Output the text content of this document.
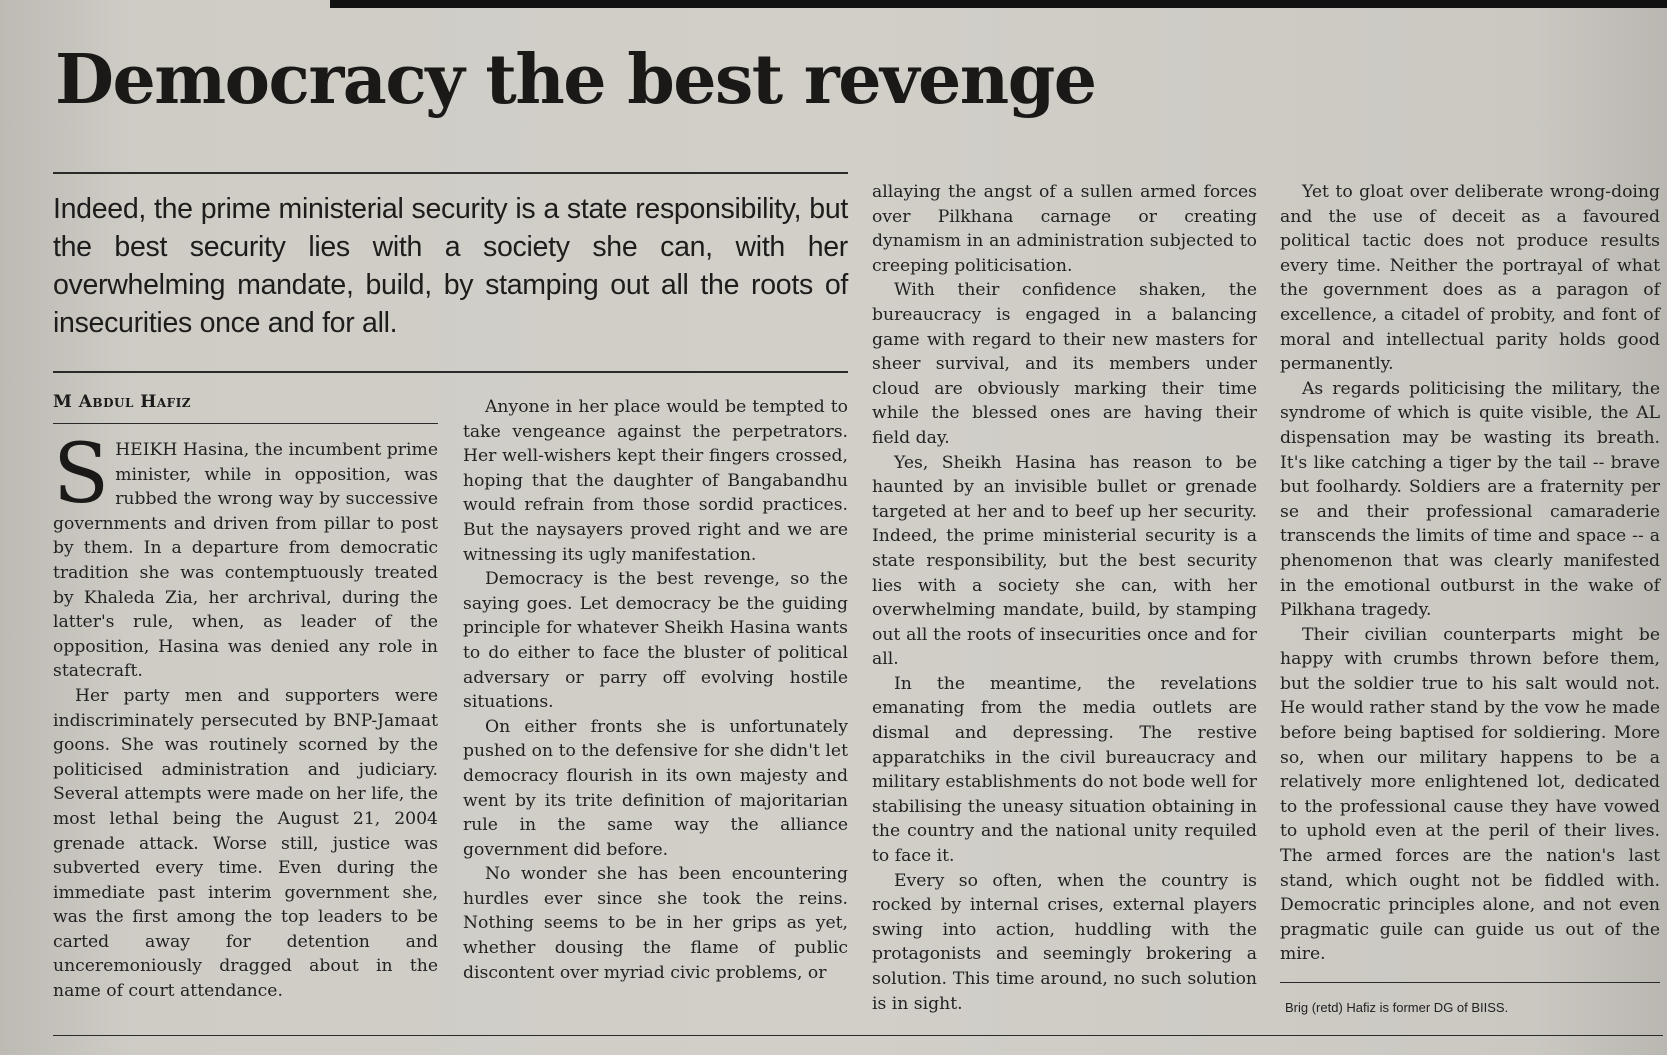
Democracy the best revenge

Indeed, the prime ministerial security is a state responsibility, but the best security lies with a society she can, with her overwhelming mandate, build, by stamping out all the roots of insecurities once and for all.

M Abdul Hafiz

SHEIKH Hasina, the incumbent prime minister, while in opposition, was rubbed the wrong way by successive governments and driven from pillar to post by them. In a departure from democratic tradition she was contemptuously treated by Khaleda Zia, her archrival, during the latter's rule, when, as leader of the opposition, Hasina was denied any role in statecraft.

Her party men and supporters were indiscriminately persecuted by BNP-Jamaat goons. She was routinely scorned by the politicised administration and judiciary. Several attempts were made on her life, the most lethal being the August 21, 2004 grenade attack. Worse still, justice was subverted every time. Even during the immediate past interim government she, was the first among the top leaders to be carted away for detention and unceremoniously dragged about in the name of court attendance.

Anyone in her place would be tempted to take vengeance against the perpetrators. Her well-wishers kept their fingers crossed, hoping that the daughter of Bangabandhu would refrain from those sordid practices. But the naysayers proved right and we are witnessing its ugly manifestation.

Democracy is the best revenge, so the saying goes. Let democracy be the guiding principle for whatever Sheikh Hasina wants to do either to face the bluster of political adversary or parry off evolving hostile situations.

On either fronts she is unfortunately pushed on to the defensive for she didn't let democracy flourish in its own majesty and went by its trite definition of majoritarian rule in the same way the alliance government did before.

No wonder she has been encountering hurdles ever since she took the reins. Nothing seems to be in her grips as yet, whether dousing the flame of public discontent over myriad civic problems, or

allaying the angst of a sullen armed forces over Pilkhana carnage or creating dynamism in an administration subjected to creeping politicisation.

With their confidence shaken, the bureaucracy is engaged in a balancing game with regard to their new masters for sheer survival, and its members under cloud are obviously marking their time while the blessed ones are having their field day.

Yes, Sheikh Hasina has reason to be haunted by an invisible bullet or grenade targeted at her and to beef up her security. Indeed, the prime ministerial security is a state responsibility, but the best security lies with a society she can, with her overwhelming mandate, build, by stamping out all the roots of insecurities once and for all.

In the meantime, the revelations emanating from the media outlets are dismal and depressing. The restive apparatchiks in the civil bureaucracy and military establishments do not bode well for stabilising the uneasy situation obtaining in the country and the national unity requiled to face it.

Every so often, when the country is rocked by internal crises, external players swing into action, huddling with the protagonists and seemingly brokering a solution. This time around, no such solution is in sight.

Yet to gloat over deliberate wrong-doing and the use of deceit as a favoured political tactic does not produce results every time. Neither the portrayal of what the government does as a paragon of excellence, a citadel of probity, and font of moral and intellectual parity holds good permanently.

As regards politicising the military, the syndrome of which is quite visible, the AL dispensation may be wasting its breath. It's like catching a tiger by the tail -- brave but foolhardy. Soldiers are a fraternity per se and their professional camaraderie transcends the limits of time and space -- a phenomenon that was clearly manifested in the emotional outburst in the wake of Pilkhana tragedy.

Their civilian counterparts might be happy with crumbs thrown before them, but the soldier true to his salt would not. He would rather stand by the vow he made before being baptised for soldiering. More so, when our military happens to be a relatively more enlightened lot, dedicated to the professional cause they have vowed to uphold even at the peril of their lives. The armed forces are the nation's last stand, which ought not be fiddled with. Democratic principles alone, and not even pragmatic guile can guide us out of the mire.

Brig (retd) Hafiz is former DG of BIISS.
